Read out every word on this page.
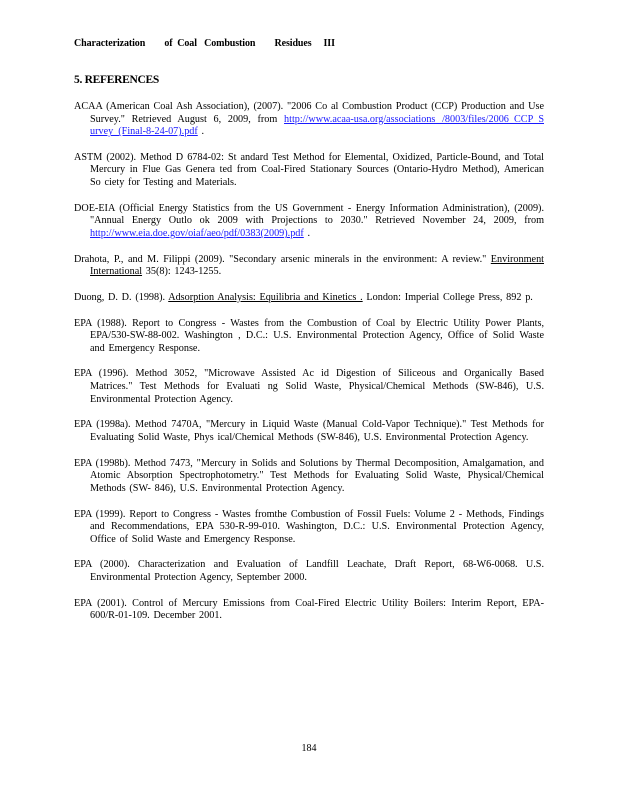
Characterization        of  Coal   Combustion        Residues     III
5. REFERENCES
ACAA (American Coal Ash Association), (2007). "2006 Co al Combustion Product (CCP) Production and Use Survey." Retrieved August 6, 2009, from http://www.acaa-usa.org/associations /8003/files/2006_CCP_S urvey_(Final-8-24-07).pdf .
ASTM (2002). Method D 6784-02: St andard Test Method for Elemental, Oxidized, Particle-Bound, and Total Mercury in Flue Gas Genera ted from Coal-Fired Stationary Sources (Ontario-Hydro Method), American So ciety for Testing and Materials.
DOE-EIA (Official Energy Statistics from the US Government - Energy Information Administration), (2009). "Annual Energy Outlo ok 2009 with Projections to 2030." Retrieved November 24, 2009, from http://www.eia.doe.gov/oiaf/aeo/pdf/0383(2009).pdf .
Drahota, P., and M. Filippi (2009). "Secondary arsenic minerals in the environment: A review." Environment International 35(8): 1243-1255.
Duong, D. D. (1998). Adsorption Analysis: Equilibria and Kinetics . London: Imperial College Press, 892 p.
EPA (1988). Report to Congress - Wastes from the Combustion of Coal by Electric Utility Power Plants, EPA/530-SW-88-002. Washington , D.C.: U.S. Environmental Protection Agency, Office of Solid Waste and Emergency Response.
EPA (1996). Method 3052, "Microwave Assisted Ac id Digestion of Siliceous and Organically Based Matrices." Test Methods for Evaluati ng Solid Waste, Physical/Chemical Methods (SW-846), U.S. Environmental Protection Agency.
EPA (1998a). Method 7470A, "Mercury in Liquid Waste (Manual Cold-Vapor Technique)." Test Methods for Evaluating Solid Waste, Phys ical/Chemical Methods (SW-846), U.S. Environmental Protection Agency.
EPA (1998b). Method 7473, "Mercury in Solids and Solutions by Thermal Decomposition, Amalgamation, and Atomic Absorption Spectrophotometry." Test Methods for Evaluating Solid Waste, Physical/Chemical Methods (SW- 846), U.S. Environmental Protection Agency.
EPA (1999). Report to Congress - Wastes fromthe Combustion of Fossil Fuels: Volume 2 - Methods, Findings and Recommendations, EPA 530-R-99-010. Washington, D.C.: U.S. Environmental Protection Agency, Office of Solid Waste and Emergency Response.
EPA (2000). Characterization and Evaluation of Landfill Leachate, Draft Report, 68-W6-0068. U.S. Environmental Protection Agency, September 2000.
EPA (2001). Control of Mercury Emissions from Coal-Fired Electric Utility Boilers: Interim Report, EPA-600/R-01-109. December 2001.
184
